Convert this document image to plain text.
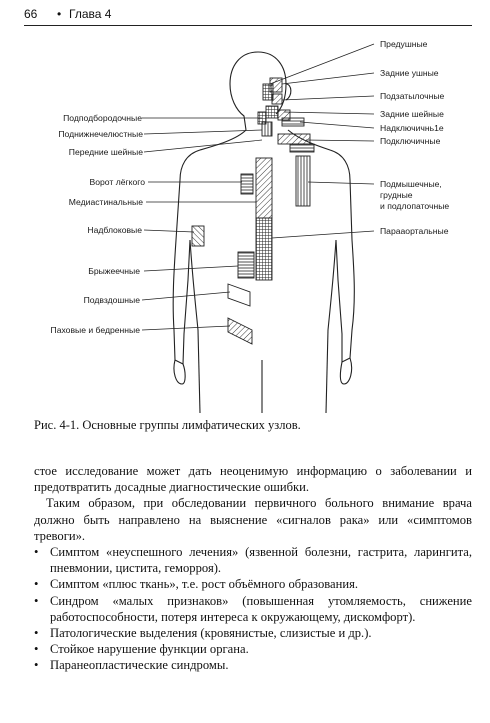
66 • Глава 4
Подподбородочные
Поднижнечелюстные
Передние шейные
Ворот лёгкого
Медиастинальные
Надблоковые
Брыжеечные
Подвздошные
Паховые и бедренные
Предушные
Задние ушные
Подзатылочные
Задние шейные
Надключичнь1е
Подключичные
Подмышечные,
грудные
и подлопаточные
Парааортальные
Рис. 4-1. Основные группы лимфатических узлов.

стое исследование может дать неоценимую информацию о заболевании и предотвратить досадные диагностические ошибки.

Таким образом, при обследовании первичного больного внимание врача должно быть направлено на выяснение «сигналов рака» или «симптомов тревоги».

• Симптом «неуспешного лечения» (язвенной болезни, гастрита, ларингита, пневмонии, цистита, геморроя).
• Симптом «плюс ткань», т.е. рост объёмного образования.
• Синдром «малых признаков» (повышенная утомляемость, снижение работоспособности, потеря интереса к окружающему, дискомфорт).
• Патологические выделения (кровянистые, слизистые и др.).
• Стойкое нарушение функции органа.
• Паранеопластические синдромы.
